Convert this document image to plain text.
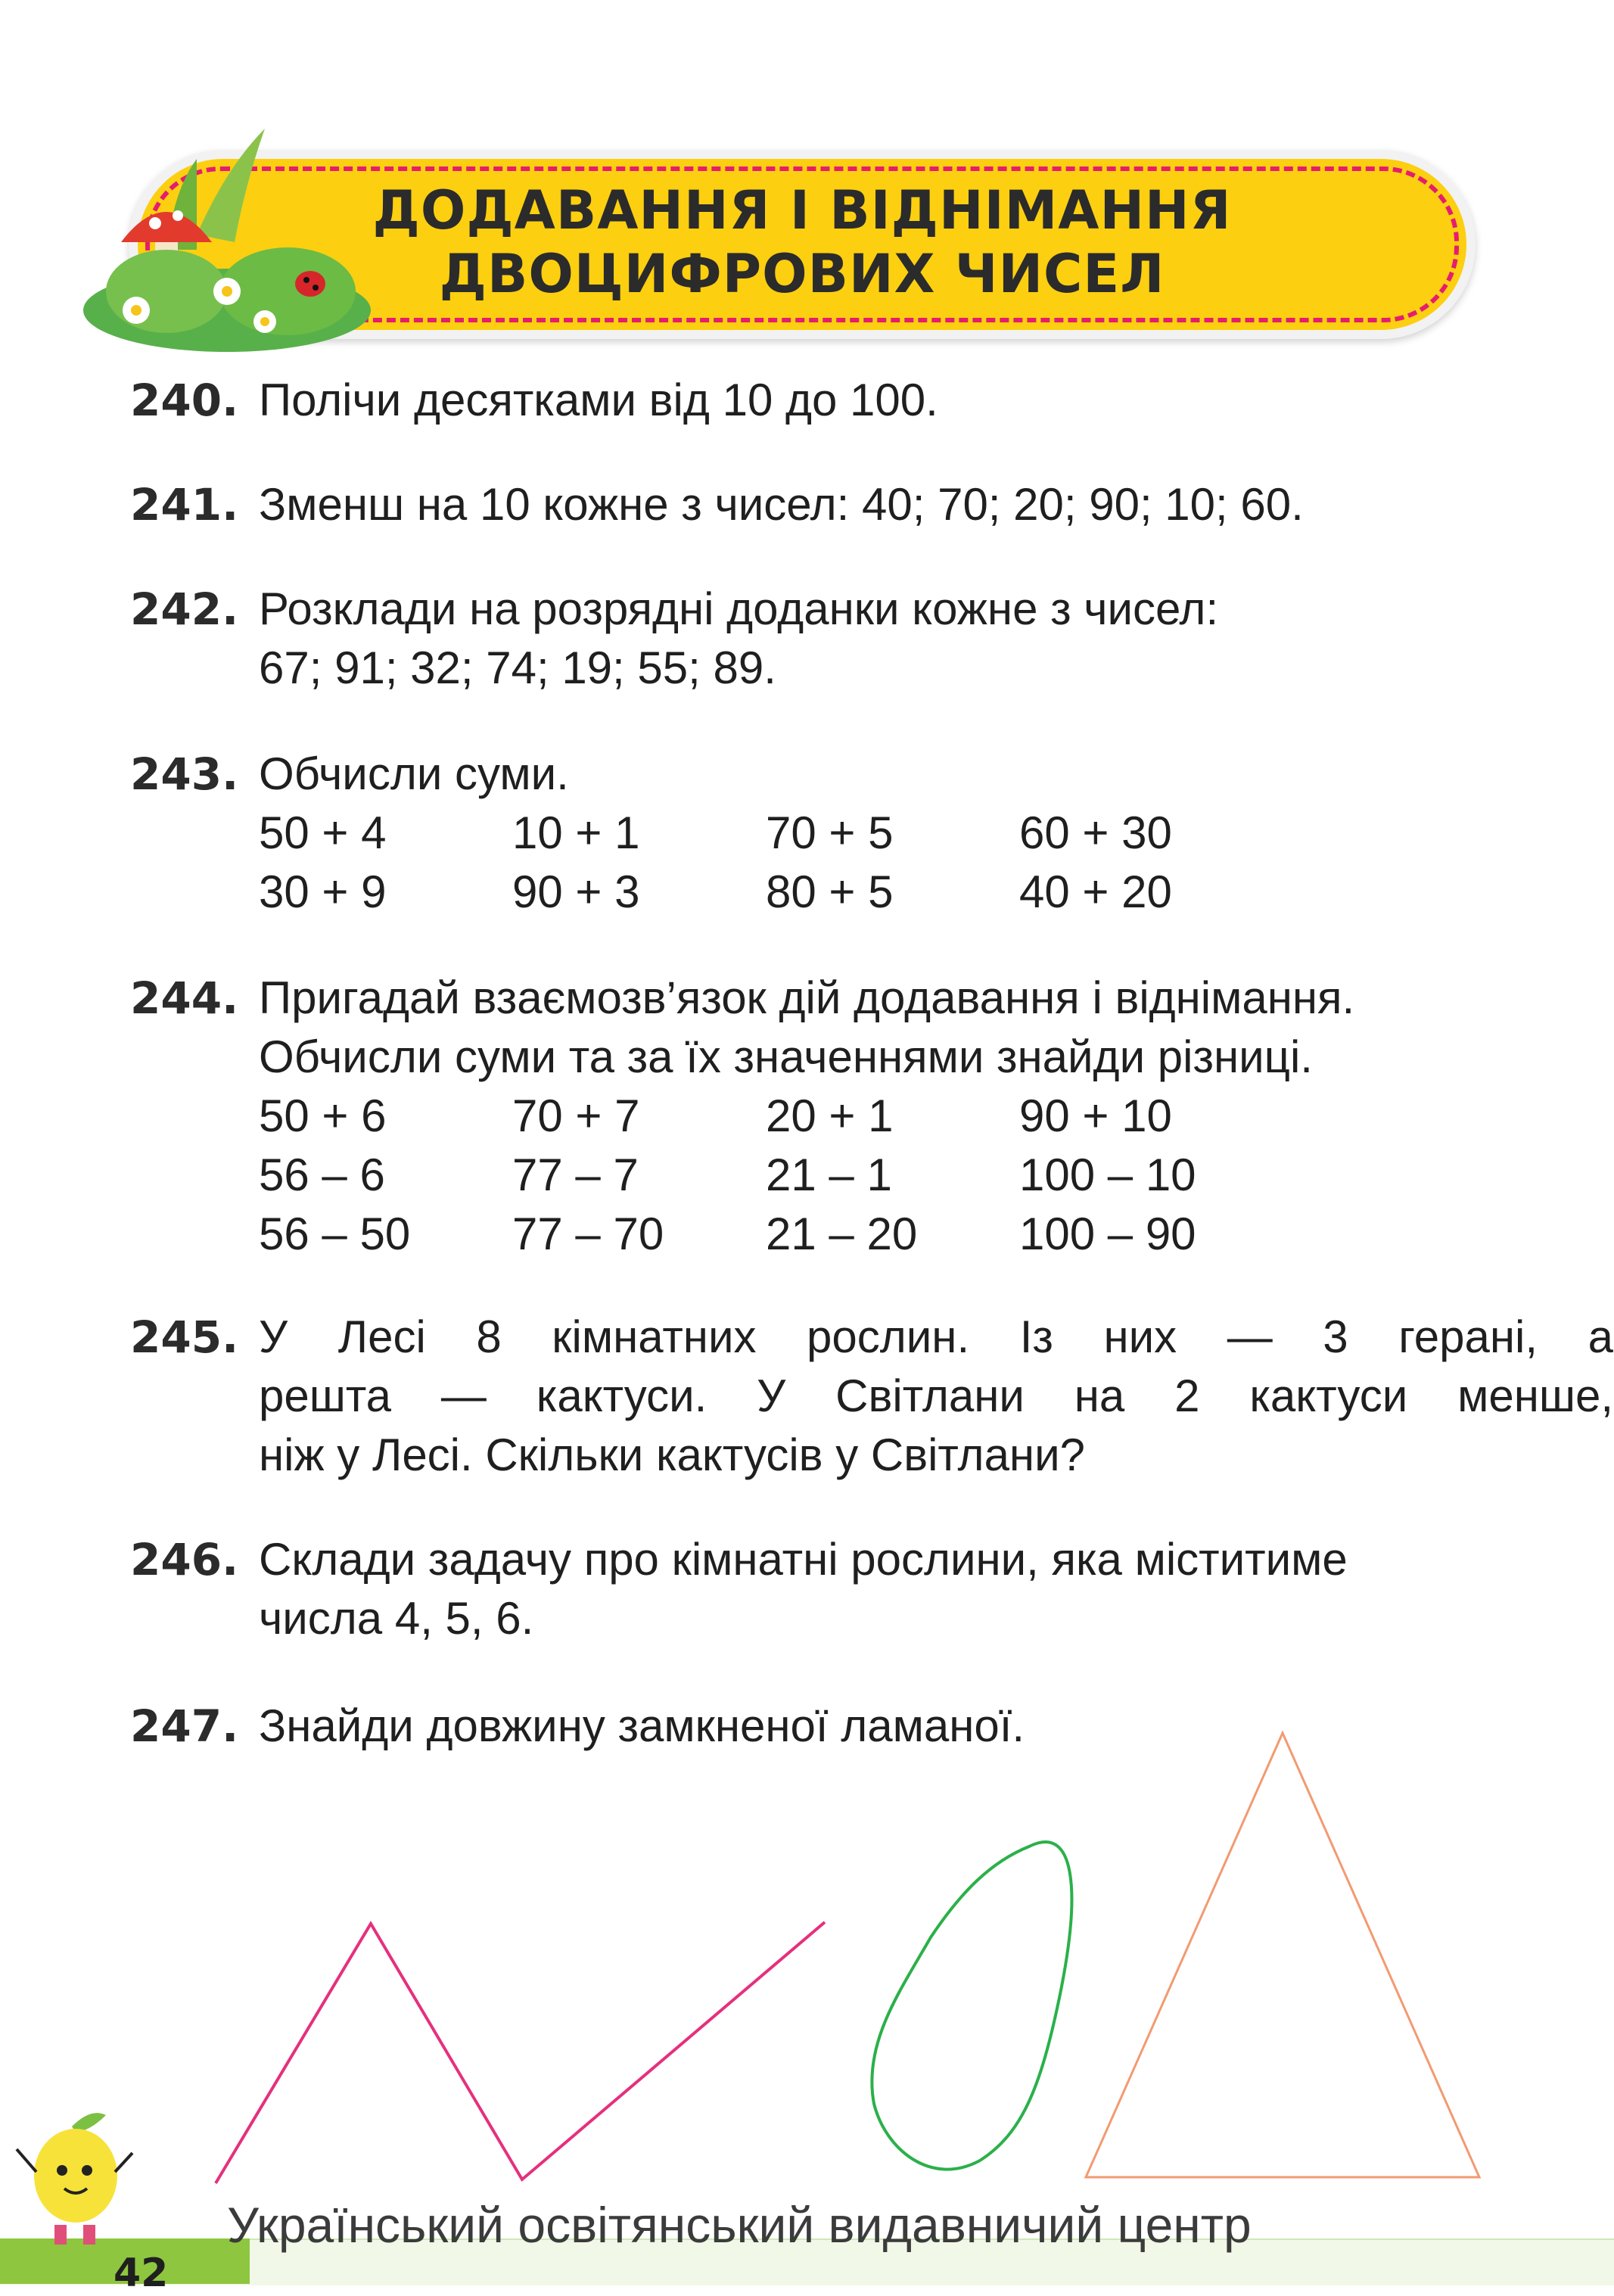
ДОДАВАННЯ І ВІДНІМАННЯ
ДВОЦИФРОВИХ ЧИСЕЛ
240. Полічи десятками від 10 до 100.
241. Зменш на 10 кожне з чисел: 40; 70; 20; 90; 10; 60.
242. Розклади на розрядні доданки кожне з чисел:
67; 91; 32; 74; 19; 55; 89.
243. Обчисли суми.
50 + 4	10 + 1	70 + 5	60 + 30
30 + 9	90 + 3	80 + 5	40 + 20
244. Пригадай взаємозв’язок дій додавання і віднімання.
Обчисли суми та за їх значеннями знайди різниці.
50 + 6	70 + 7	20 + 1	90 + 10
56 – 6	77 – 7	21 – 1	100 – 10
56 – 50	77 – 70	21 – 20	100 – 90
245. У Лесі 8 кімнатних рослин. Із них — 3 герані, а
решта — кактуси. У Світлани на 2 кактуси менше,
ніж у Лесі. Скільки кактусів у Світлани?
246. Склади задачу про кімнатні рослини, яка міститиме
числа 4, 5, 6.
247. Знайди довжину замкненої ламаної.
42
Український освітянський видавничий центр
